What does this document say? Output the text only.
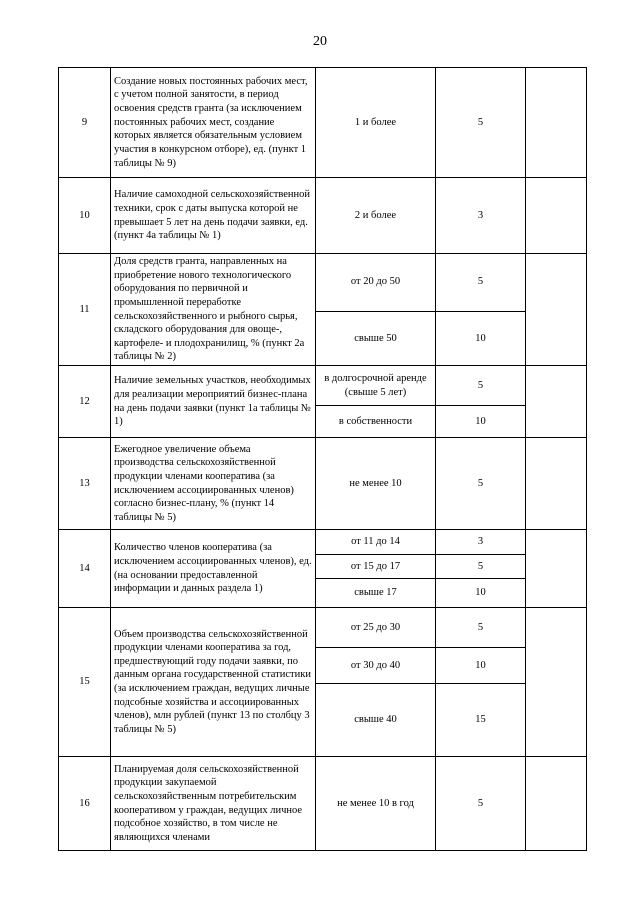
20
9	Создание новых постоянных рабочих мест, с учетом полной занятости, в период освоения средств гранта (за исключением постоянных рабочих мест, создание которых является обязательным условием участия в конкурсном отборе), ед. (пункт 1 таблицы № 9)	1 и более	5	
10	Наличие самоходной сельскохозяйственной техники, срок с даты выпуска которой не превышает 5 лет на день подачи заявки, ед. (пункт 4а таблицы № 1)	2 и более	3	
11	Доля средств гранта, направленных на приобретение нового технологического оборудования по первичной и промышленной переработке сельскохозяйственного и рыбного сырья, складского оборудования для овоще-, картофеле- и плодохранилищ, % (пункт 2а таблицы № 2)	от 20 до 50	5	
		свыше 50	10	
12	Наличие земельных участков, необходимых для реализации мероприятий бизнес-плана на день подачи заявки (пункт 1а таблицы № 1)	в долгосрочной аренде (свыше 5 лет)	5	
		в собственности	10	
13	Ежегодное увеличение объема производства сельскохозяйственной продукции членами кооператива (за исключением ассоциированных членов) согласно бизнес-плану, % (пункт 14 таблицы № 5)	не менее 10	5	
14	Количество членов кооператива (за исключением ассоциированных членов), ед. (на основании предоставленной информации и данных раздела 1)	от 11 до 14	3	
		от 15 до 17	5	
		свыше 17	10	
15	Объем производства сельскохозяйственной продукции членами кооператива за год, предшествующий году подачи заявки, по данным органа государственной статистики (за исключением граждан, ведущих личные подсобные хозяйства и ассоциированных членов), млн рублей (пункт 13 по столбцу 3 таблицы № 5)	от 25 до 30	5	
		от 30 до 40	10	
		свыше 40	15	
16	Планируемая доля сельскохозяйственной продукции закупаемой сельскохозяйственным потребительским кооперативом у граждан, ведущих личное подсобное хозяйство, в том числе не являющихся членами	не менее 10 в год	5	
